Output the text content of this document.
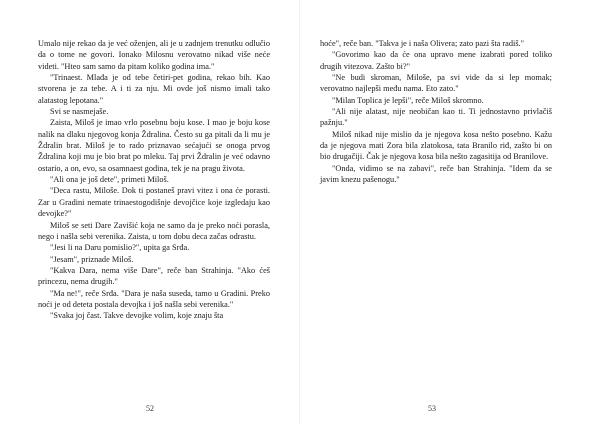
Umalo nije rekao da je već oženjen, ali je u zadnjem trenutku odlučio da o tome ne govori. Ionako Milosnu verovatno nikad više neće videti. "Hteo sam samo da pitam koliko godina ima."

"Trinaest. Mlađa je od tebe četiri-pet godina, rekao bih. Kao stvorena je za tebe. A i ti za nju. Mi ovde još nismo imali tako alatastog lepotana."

Svi se nasmejaše.

Zaista, Miloš je imao vrlo posebnu boju kose. I mao je boju kose nalik na dlaku njegovog konja Ždralina. Često su ga pitali da li mu je Ždralin brat. Miloš je to rado priznavao sećajući se onoga prvog Ždralina koji mu je bio brat po mleku. Taj prvi Ždralin je već odavno ostario, a on, evo, sa osamnaest godina, tek je na pragu života.

"Ali ona je još dete", primeti Miloš.

"Deca rastu, Miloše. Dok ti postaneš pravi vitez i ona će porasti. Zar u Gradini nemate trinaestogodišnje devojčice koje izgledaju kao devojke?"

Miloš se seti Dare Zavišić koja ne samo da je preko noći porasla, nego i našla sebi verenika. Zaista, u tom dobu deca začas odrastu.

"Jesi li na Daru pomislio?", upita ga Srđa.

"Jesam", priznade Miloš.

"Kakva Dara, nema više Dare", reče ban Strahinja. "Ako ćeš princezu, nema drugih."

"Ma ne!", reče Srđa. "Dara je naša suseda, tamo u Gradini. Preko noći je od deteta postala devojka i još našla sebi verenika."

"Svaka joj čast. Takve devojke volim, koje znaju šta

52

hoće", reče ban. "Takva je i naša Olivera; zato pazi šta radiš."

"Govorimo kao da će ona upravo mene izabrati pored toliko drugih vitezova. Zašto bi?"

"Ne budi skroman, Miloše, pa svi vide da si lep momak; verovatno najlepši među nama. Eto zato."

"Milan Toplica je lepši", reče Miloš skromno.

"Ali nije alatast, nije neobičan kao ti. Ti jednostavno privlačiš pažnju."

Miloš nikad nije mislio da je njegova kosa nešto posebno. Kažu da je njegova mati Zora bila zlatokosa, tata Branilo riđ, zašto bi on bio drugačiji. Čak je njegova kosa bila nešto zagasitija od Branilove.

"Onda, vidimo se na zabavi", reče ban Strahinja. "Idem da se javim knezu pašenogu."

53
